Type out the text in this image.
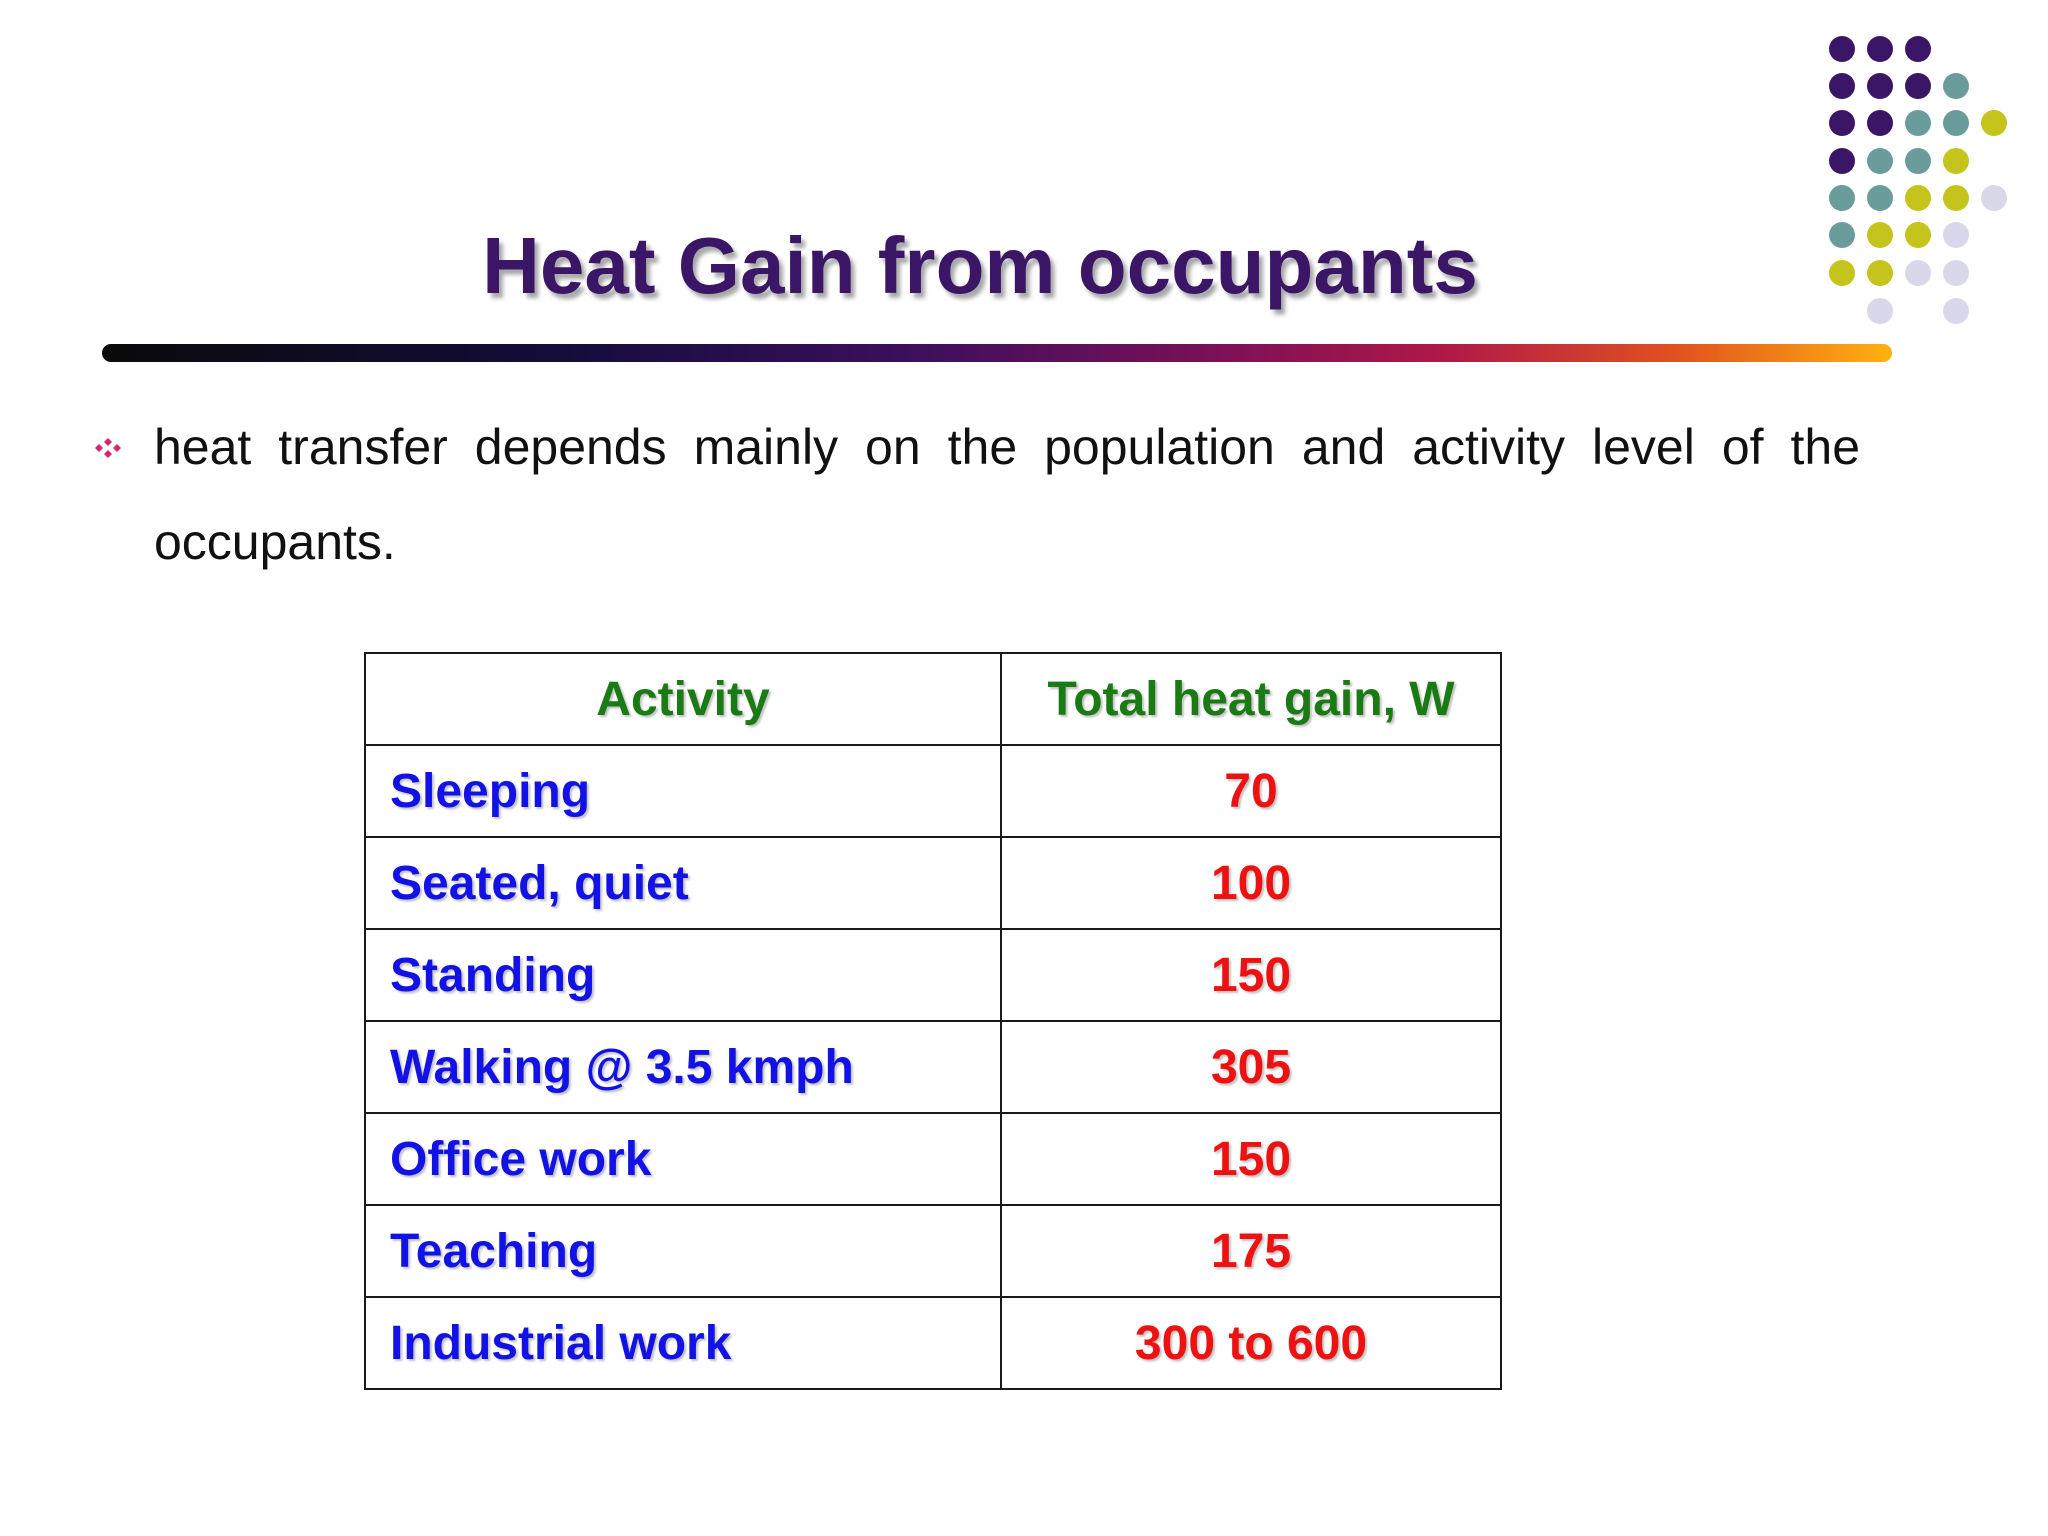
Heat Gain from occupants

heat transfer depends mainly on the population and activity level of the occupants.

Activity	Total heat gain, W
Sleeping	70
Seated, quiet	100
Standing	150
Walking @ 3.5 kmph	305
Office work	150
Teaching	175
Industrial work	300 to 600
